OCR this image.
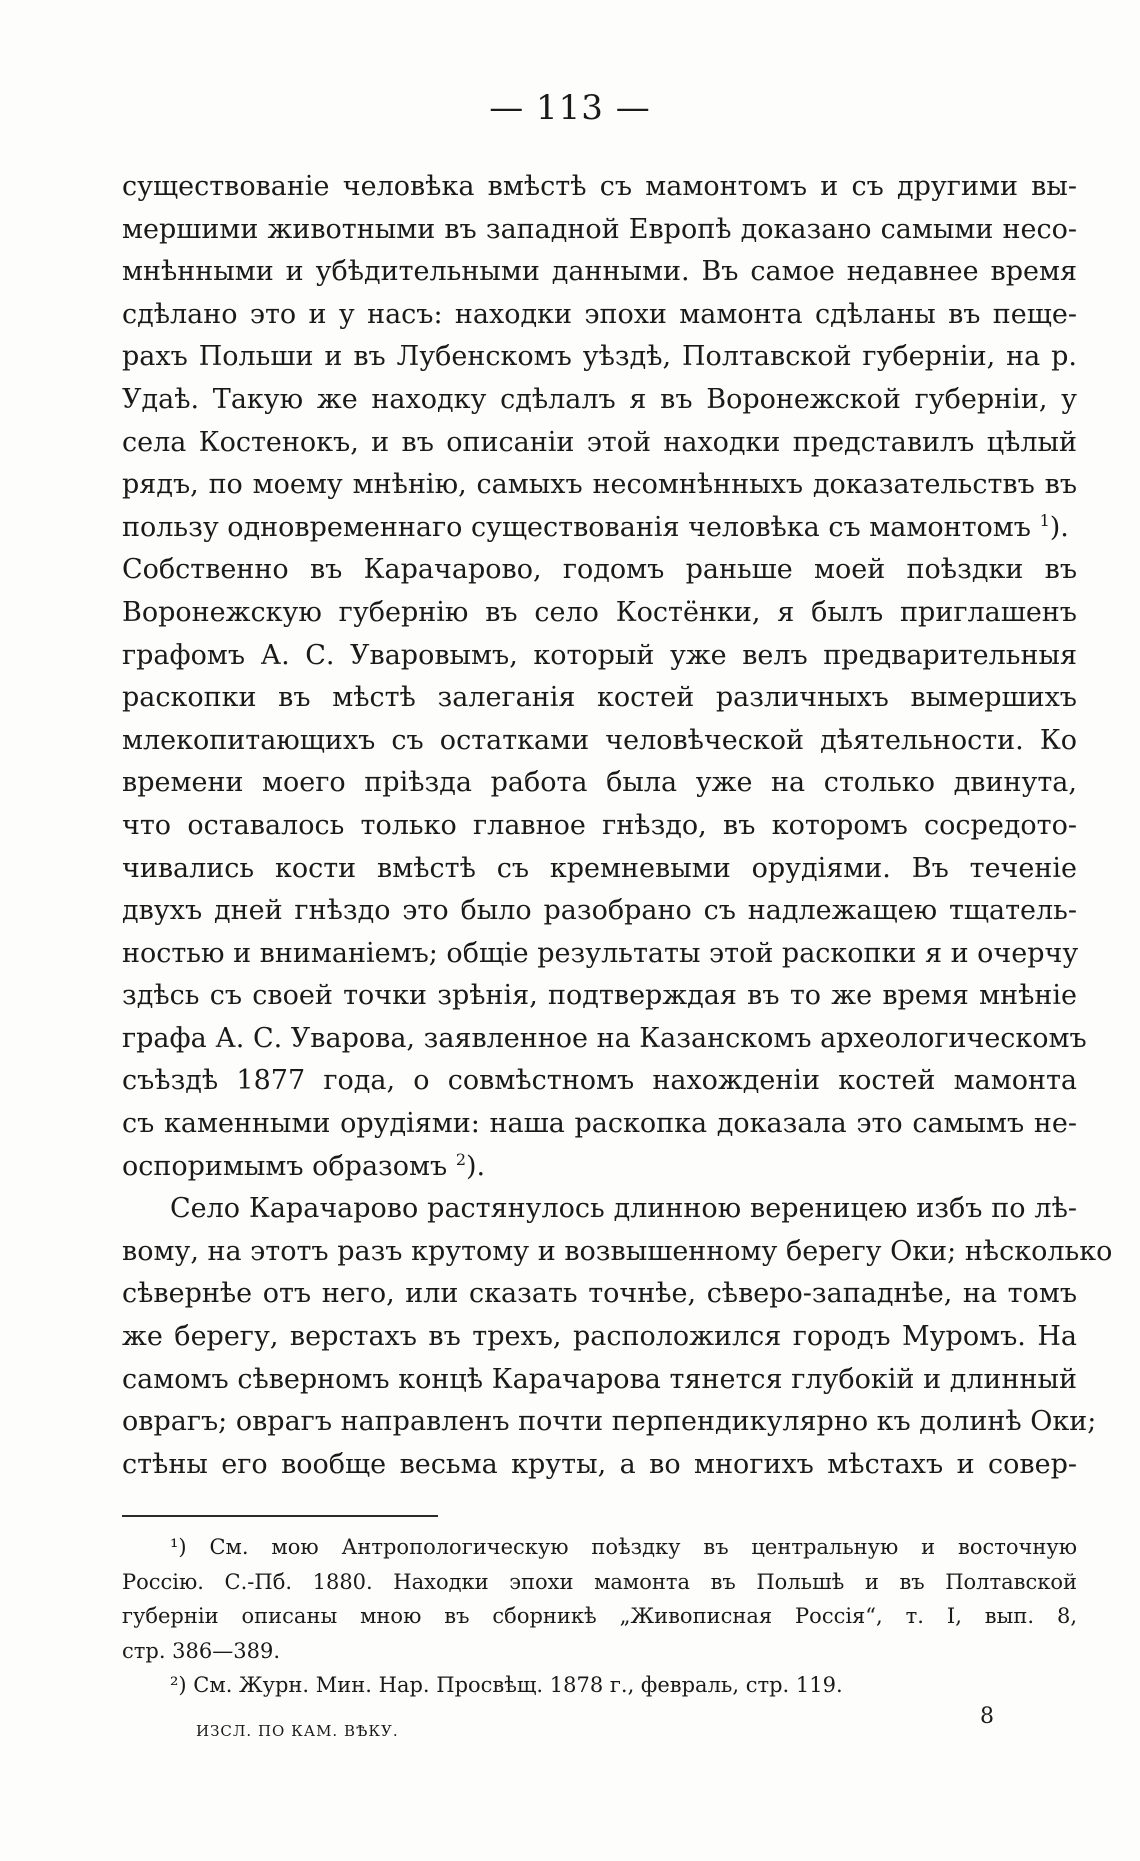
— 113 —
существованіе человѣка вмѣстѣ съ мамонтомъ и съ другими вы-
мершими животными въ западной Европѣ доказано самыми несо-
мнѣнными и убѣдительными данными. Въ самое недавнее время
сдѣлано это и у насъ: находки эпохи мамонта сдѣланы въ пеще-
рахъ Польши и въ Лубенскомъ уѣздѣ, Полтавской губерніи, на р.
Удаѣ. Такую же находку сдѣлалъ я въ Воронежской губерніи, у
села Костенокъ, и въ описаніи этой находки представилъ цѣлый
рядъ, по моему мнѣнію, самыхъ несомнѣнныхъ доказательствъ въ
пользу одновременнаго существованія человѣка съ мамонтомъ $^1$).
Собственно въ Карачарово, годомъ раньше моей поѣздки въ
Воронежскую губернію въ село Костёнки, я былъ приглашенъ
графомъ А. С. Уваровымъ, который уже велъ предварительныя
раскопки въ мѣстѣ залеганія костей различныхъ вымершихъ
млекопитающихъ съ остатками человѣческой дѣятельности. Ко
времени моего пріѣзда работа была уже на столько двинута,
что оставалось только главное гнѣздо, въ которомъ сосредото-
чивались кости вмѣстѣ съ кремневыми орудіями. Въ теченіе
двухъ дней гнѣздо это было разобрано съ надлежащею тщатель-
ностью и вниманіемъ; общіе результаты этой раскопки я и очерчу
здѣсь съ своей точки зрѣнія, подтверждая въ то же время мнѣніе
графа А. С. Уварова, заявленное на Казанскомъ археологическомъ
съѣздѣ 1877 года, о совмѣстномъ нахожденіи костей мамонта
съ каменными орудіями: наша раскопка доказала это самымъ не-
оспоримымъ образомъ $^2$).
Село Карачарово растянулось длинною вереницею избъ по лѣ-
вому, на этотъ разъ крутому и возвышенному берегу Оки; нѣсколько
сѣвернѣе отъ него, или сказать точнѣе, сѣверо-западнѣе, на томъ
же берегу, верстахъ въ трехъ, расположился городъ Муромъ. На
самомъ сѣверномъ концѣ Карачарова тянется глубокій и длинный
оврагъ; оврагъ направленъ почти перпендикулярно къ долинѣ Оки;
стѣны его вообще весьма круты, а во многихъ мѣстахъ и совер-
¹) См. мою Антропологическую поѣздку въ центральную и восточную
Россію. С.-Пб. 1880. Находки эпохи мамонта въ Польшѣ и въ Полтавской
губерніи описаны мною въ сборникѣ „Живописная Россія“, т. I, вып. 8,
стр. 386—389.
²) См. Журн. Мин. Нар. Просвѣщ. 1878 г., февраль, стр. 119.
ИЗСЛ. ПО КАМ. ВѢКУ.
8
